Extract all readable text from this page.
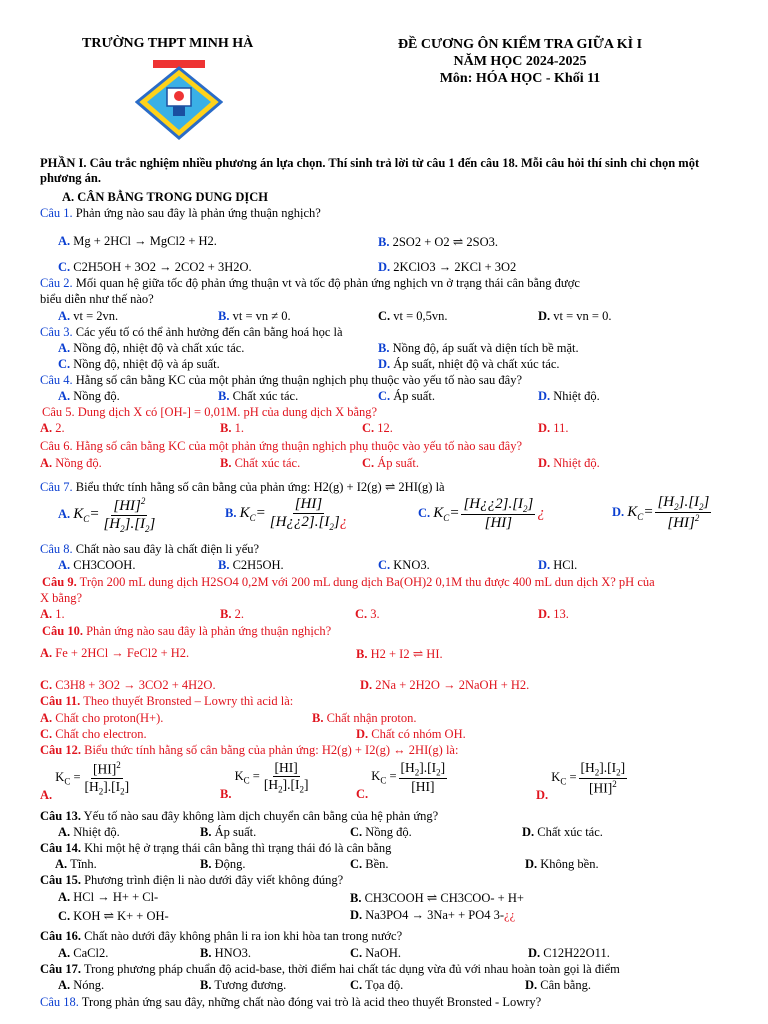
TRƯỜNG THPT MINH HÀ	ĐỀ CƯƠNG ÔN KIỂM TRA GIỮA KÌ I
NĂM HỌC 2024-2025
Môn: HÓA HỌC - Khối 11
PHẦN I. Câu trắc nghiệm nhiều phương án lựa chọn. Thí sinh trả lời từ câu 1 đến câu 18. Mỗi câu hỏi thí sinh chỉ chọn một phương án.
A. CÂN BẰNG TRONG DUNG DỊCH
Câu 1. Phản ứng nào sau đây là phản ứng thuận nghịch?
A. Mg + 2HCl → MgCl2 + H2.	B. 2SO2 + O2 ⇌ 2SO3.
C. C2H5OH + 3O2 → 2CO2 + 3H2O.	D. 2KClO3 → 2KCl + 3O2
Câu 2. Mối quan hệ giữa tốc độ phản ứng thuận vt và tốc độ phản ứng nghịch vn ở trạng thái cân bằng được
biểu diễn như thế nào?
A. vt = 2vn.	B. vt = vn ≠ 0.	C. vt = 0,5vn.	D. vt = vn = 0.
Câu 3. Các yếu tố có thể ảnh hưởng đến cân bằng hoá học là
A. Nồng độ, nhiệt độ và chất xúc tác.	B. Nồng độ, áp suất và diện tích bề mặt.
C. Nồng độ, nhiệt độ và áp suất.	D. Áp suất, nhiệt độ và chất xúc tác.
Câu 4. Hằng số cân bằng KC của một phản ứng thuận nghịch phụ thuộc vào yếu tố nào sau đây?
A. Nồng độ.	B. Chất xúc tác.	C. Áp suất.	D. Nhiệt độ.
Câu 5. Dung dịch X có [OH-] = 0,01M. pH của dung dịch X bằng?
A. 2.	B. 1.	C. 12.	D. 11.
Câu 6. Hằng số cân bằng KC của một phản ứng thuận nghịch phụ thuộc vào yếu tố nào sau đây?
A. Nồng độ.	B. Chất xúc tác.	C. Áp suất.	D. Nhiệt độ.
Câu 7. Biểu thức tính hằng số cân bằng của phản ứng: H2(g) + I2(g) ⇌ 2HI(g) là
A. $K_C= \frac{[HI]^2}{[H_2].[I_2]}$	B. $K_C= \frac{[HI]}{[H¿¿2].[I_2]¿}$	C. $K_C= \frac{[H¿¿2].[I_2]}{[HI]}$ ¿	D. $K_C= \frac{[H_2].[I_2]}{[HI]^2}$
Câu 8. Chất nào sau đây là chất điện li yếu?
A. CH3COOH.	B. C2H5OH.	C. KNO3.	D. HCl.
Câu 9. Trộn 200 mL dung dịch H2SO4 0,2M với 200 mL dung dịch Ba(OH)2 0,1M thu được 400 mL dun dịch X? pH của
X bằng?
A. 1.	B. 2.	C. 3.	D. 13.
Câu 10. Phản ứng nào sau đây là phản ứng thuận nghịch?
A. Fe + 2HCl → FeCl2 + H2.	B. H2 + I2 ⇌ HI.
C. C3H8 + 3O2 → 3CO2 + 4H2O.	D. 2Na + 2H2O → 2NaOH + H2.
Câu 11. Theo thuyết Bronsted – Lowry thì acid là:
A. Chất cho proton(H+).	B. Chất nhận proton.
C. Chất cho electron.	D. Chất có nhóm OH.
Câu 12. Biểu thức tính hằng số cân bằng của phản ứng: H2(g) + I2(g) ↔ 2HI(g) là:
A. $K_C = \frac{[HI]^2}{[H_2].[I_2]}$	B. $K_C = \frac{[HI]}{[H_2].[I_2]}$	C. $K_C = \frac{[H_2].[I_2]}{[HI]}$
D. $K_C = \frac{[H_2].[I_2]}{[HI]^2}$
Câu 13. Yếu tố nào sau đây không làm dịch chuyển cân bằng của hệ phản ứng?
A. Nhiệt độ.	B. Áp suất.	C. Nồng độ.	D. Chất xúc tác.
Câu 14. Khi một hệ ở trạng thái cân bằng thì trạng thái đó là cân bằng
A. Tĩnh.	B. Động.	C. Bền.	D. Không bền.
Câu 15. Phương trình điện li nào dưới đây viết không đúng?
A. HCl → H+ + Cl-	B. CH3COOH ⇌ CH3COO- + H+
C. KOH ⇌ K+ + OH-	D. Na3PO4 → 3Na+ + PO4 3-¿¿
Câu 16. Chất nào dưới đây không phân li ra ion khi hòa tan trong nước?
A. CaCl2.	B. HNO3.	C. NaOH.	D. C12H22O11.
Câu 17. Trong phương pháp chuẩn độ acid-base, thời điểm hai chất tác dụng vừa đủ với nhau hoàn toàn gọi là điểm
A. Nóng.	B. Tương đương.	C. Tọa độ.	D. Cân bằng.
Câu 18. Trong phản ứng sau đây, những chất nào đóng vai trò là acid theo thuyết Bronsted - Lowry?
